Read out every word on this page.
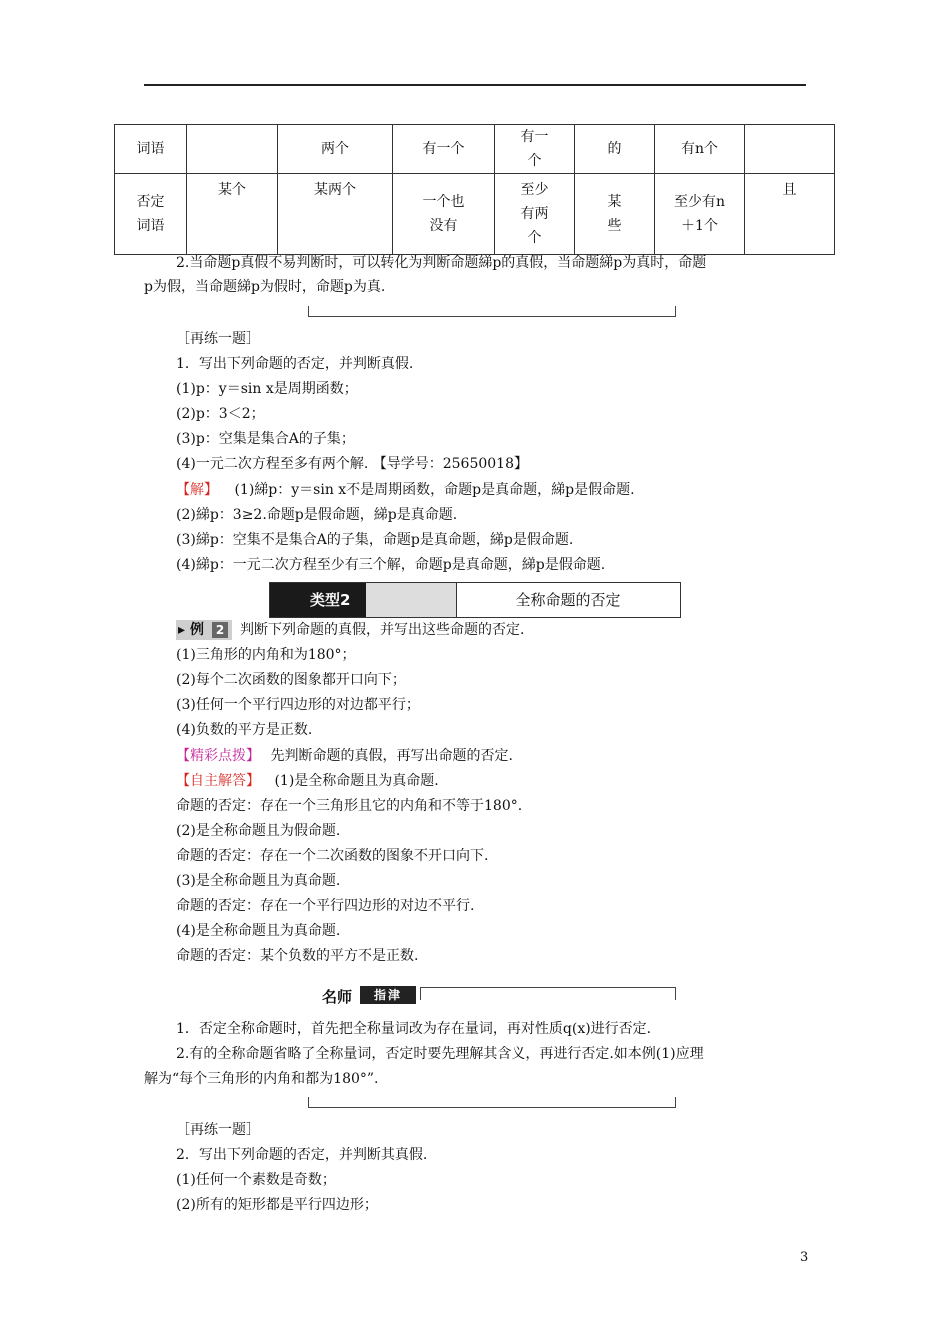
词语		两个	有一个	有一个	的	有n个	
否定词语	某个	某两个	一个也没有	至少有两个	某些	至少有n＋1个	且
2.当命题p真假不易判断时，可以转化为判断命题綈p的真假，当命题綈p为真时，命题
p为假，当命题綈p为假时，命题p为真.
［再练一题］
1．写出下列命题的否定，并判断真假.
(1)p：y＝sin x是周期函数；
(2)p：3＜2；
(3)p：空集是集合A的子集；
(4)一元二次方程至多有两个解. 【导学号：25650018】
【解】 (1)綈p：y＝sin x不是周期函数，命题p是真命题，綈p是假命题.
(2)綈p：3≥2.命题p是假命题，綈p是真命题.
(3)綈p：空集不是集合A的子集，命题p是真命题，綈p是假命题.
(4)綈p：一元二次方程至少有三个解，命题p是真命题，綈p是假命题.
类型2	全称命题的否定
▸ 例 2 判断下列命题的真假，并写出这些命题的否定.
(1)三角形的内角和为180°；
(2)每个二次函数的图象都开口向下；
(3)任何一个平行四边形的对边都平行；
(4)负数的平方是正数.
【精彩点拨】 先判断命题的真假，再写出命题的否定.
【自主解答】 (1)是全称命题且为真命题.
命题的否定：存在一个三角形且它的内角和不等于180°.
(2)是全称命题且为假命题.
命题的否定：存在一个二次函数的图象不开口向下.
(3)是全称命题且为真命题.
命题的否定：存在一个平行四边形的对边不平行.
(4)是全称命题且为真命题.
命题的否定：某个负数的平方不是正数.
名师	指津
1．否定全称命题时，首先把全称量词改为存在量词，再对性质q(x)进行否定.
2.有的全称命题省略了全称量词，否定时要先理解其含义，再进行否定.如本例(1)应理
解为“每个三角形的内角和都为180°”.
［再练一题］
2．写出下列命题的否定，并判断其真假.
(1)任何一个素数是奇数；
(2)所有的矩形都是平行四边形；
3
